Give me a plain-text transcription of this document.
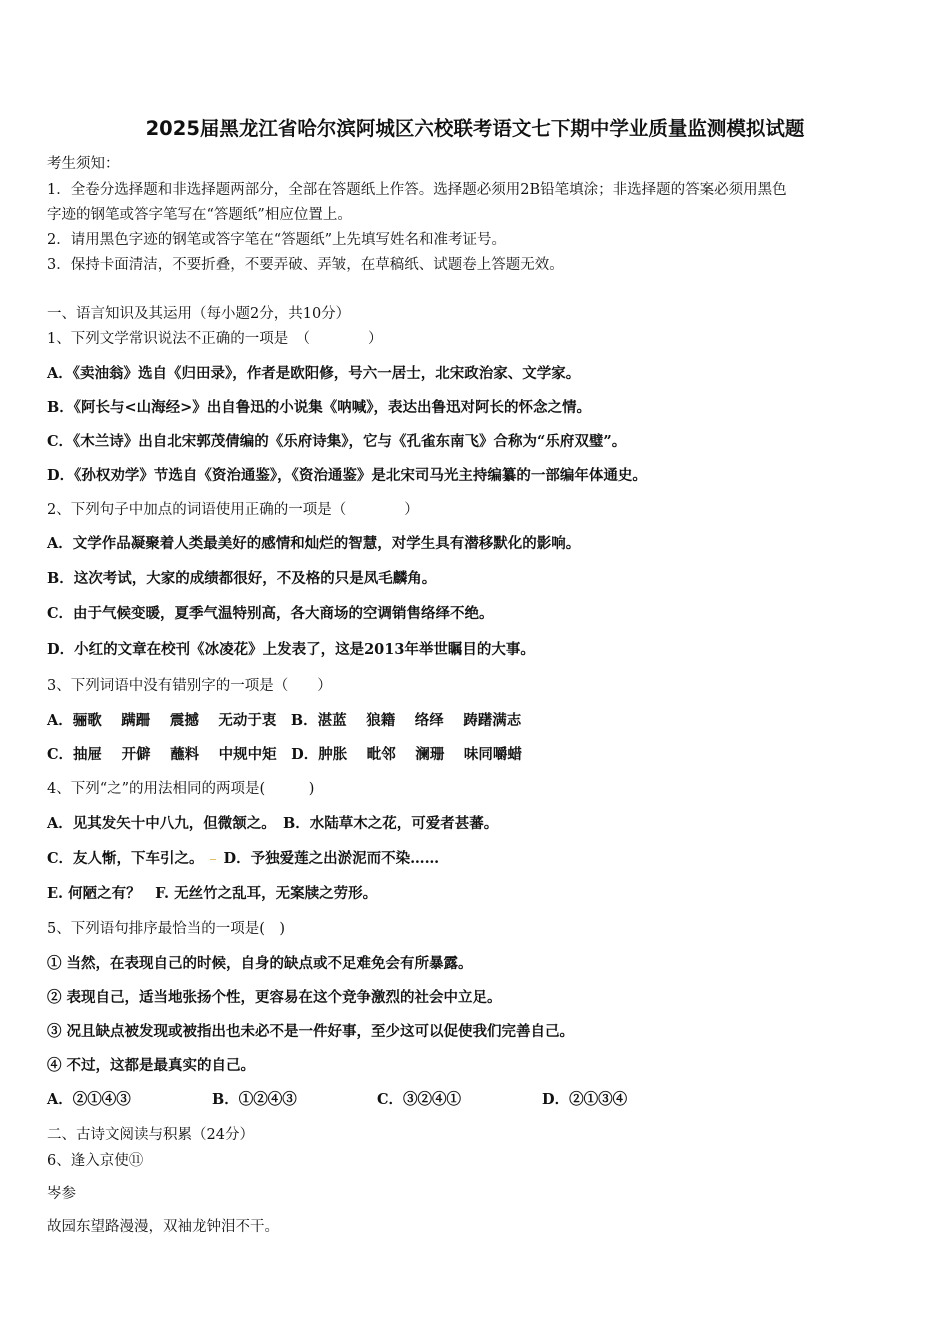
2025届黑龙江省哈尔滨阿城区六校联考语文七下期中学业质量监测模拟试题
考生须知：
1．全卷分选择题和非选择题两部分，全部在答题纸上作答。选择题必须用2B铅笔填涂；非选择题的答案必须用黑色
字迹的钢笔或答字笔写在“答题纸”相应位置上。
2．请用黑色字迹的钢笔或答字笔在“答题纸”上先填写姓名和准考证号。
3．保持卡面清洁，不要折叠，不要弄破、弄皱，在草稿纸、试题卷上答题无效。
一、语言知识及其运用（每小题2分，共10分）
1、下列文学常识说法不正确的一项是　（　　　　）
A．《卖油翁》选自《归田录》，作者是欧阳修，号六一居士，北宋政治家、文学家。
B．《阿长与<山海经>》出自鲁迅的小说集《呐喊》，表达出鲁迅对阿长的怀念之情。
C．《木兰诗》出自北宋郭茂倩编的《乐府诗集》，它与《孔雀东南飞》合称为“乐府双璧”。
D．《孙权劝学》节选自《资治通鉴》，《资治通鉴》是北宋司马光主持编纂的一部编年体通史。
2、下列句子中加点的词语使用正确的一项是（　　　　）
A．文学作品凝聚着人类最美好的感情和灿烂的智慧，对学生具有潜移默化的影响。
B．这次考试，大家的成绩都很好，不及格的只是凤毛麟角。
C．由于气候变暖，夏季气温特别高，各大商场的空调销售络绎不绝。
D．小红的文章在校刊《冰凌花》上发表了，这是2013年举世瞩目的大事。
3、下列词语中没有错别字的一项是（　　）
A．骊歌　 蹒跚　 震撼　 无动于衷　B．湛蓝　 狼籍　 络绎　 踌躇满志
C．抽屉　 开僻　 蘸料　 中规中矩　D．肿胀　 毗邻　 澜珊　 味同嚼蜡
4、下列“之”的用法相同的两项是(　　　)
A．见其发矢十中八九，但微颔之。　B．水陆草木之花，可爱者甚蕃。
C．友人惭，下车引之。 D．予独爱莲之出淤泥而不染……
E. 何陋之有？　F. 无丝竹之乱耳，无案牍之劳形。
5、下列语句排序最恰当的一项是(　)
① 当然，在表现自己的时候，自身的缺点或不足难免会有所暴露。
② 表现自己，适当地张扬个性，更容易在这个竞争激烈的社会中立足。
③ 况且缺点被发现或被指出也未必不是一件好事，至少这可以促使我们完善自己。
④ 不过，这都是最真实的自己。
A．②①④③	B．①②④③	C．③②④①	D．②①③④
二、古诗文阅读与积累（24分）
6、逢入京使⑪
岑参
故园东望路漫漫，双袖龙钟泪不干。
